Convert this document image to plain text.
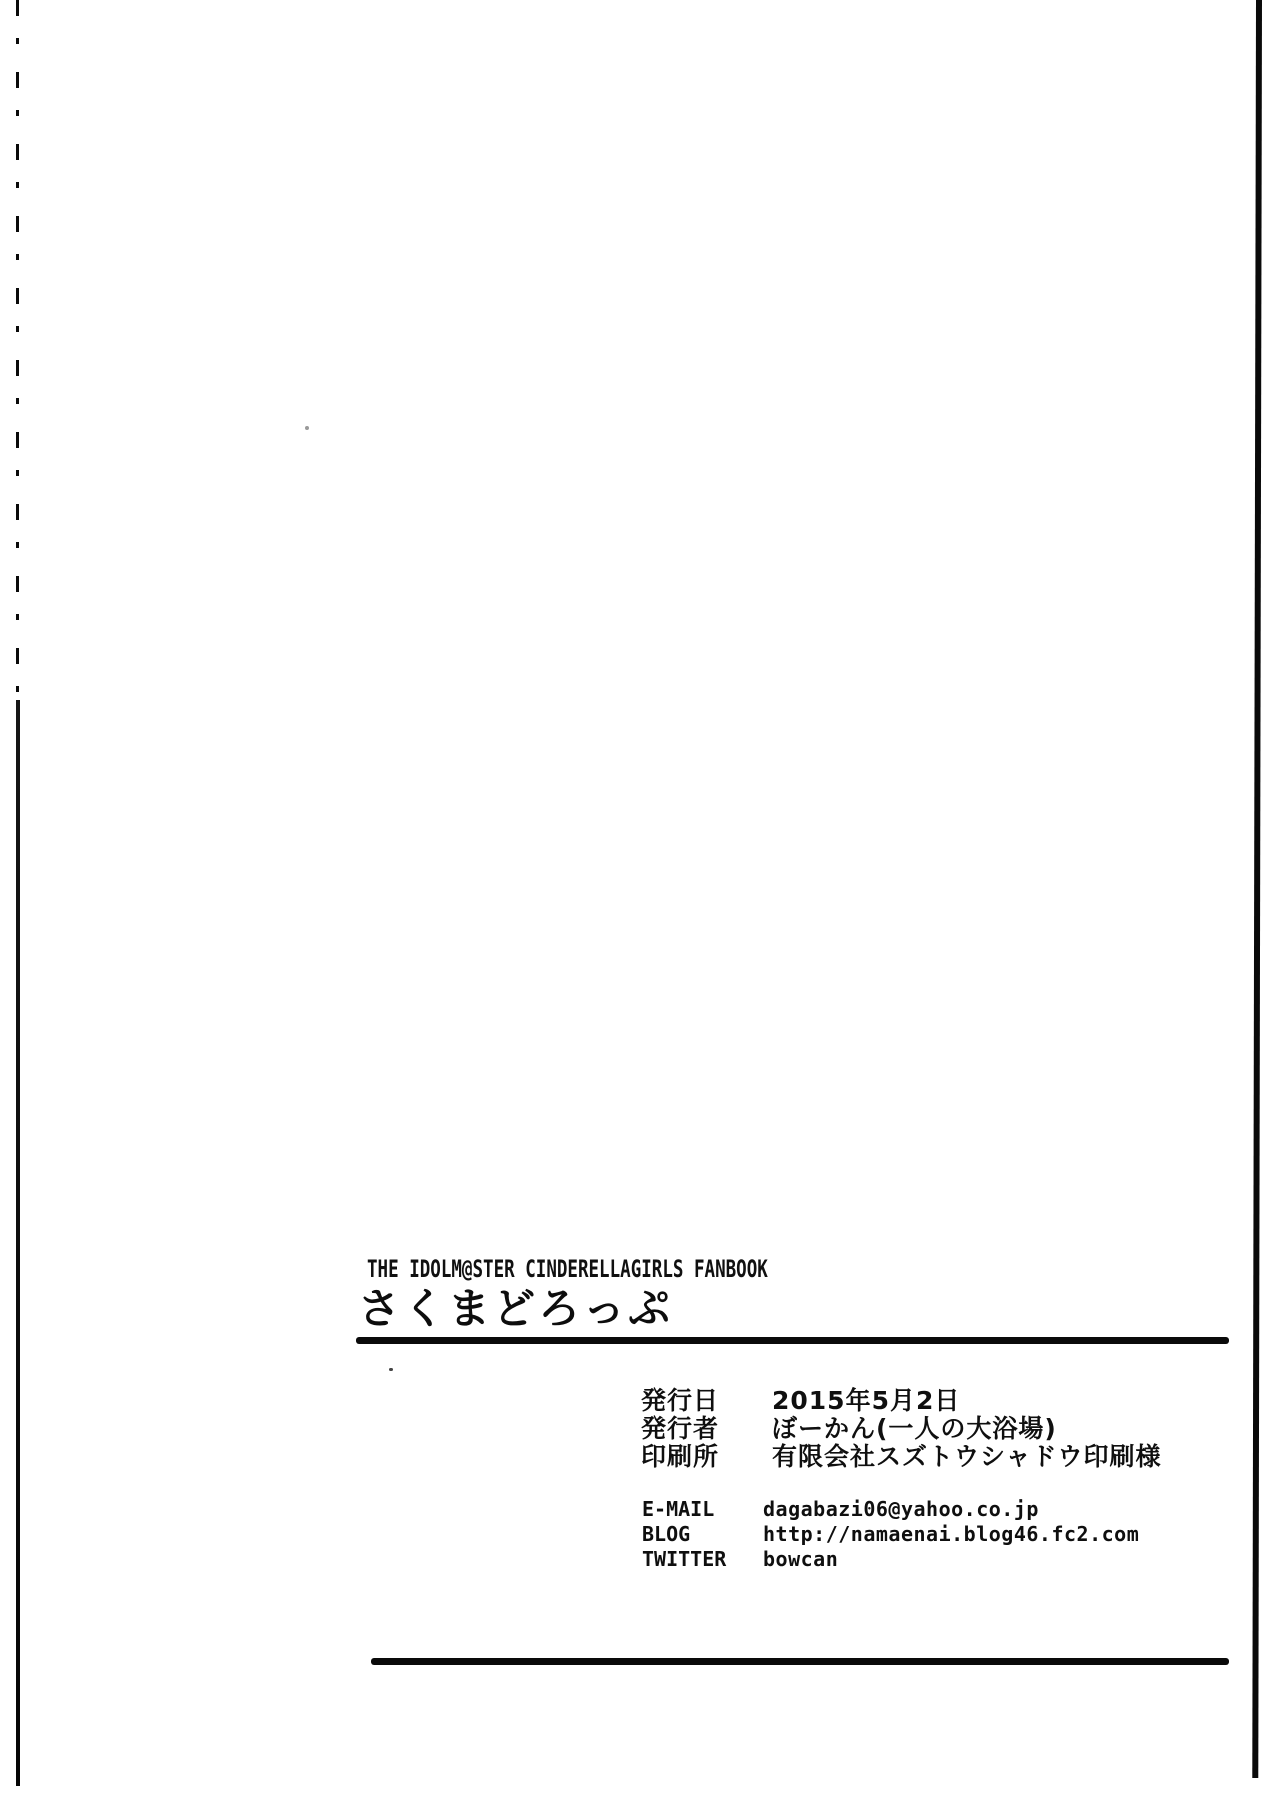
THE IDOLM@STER CINDERELLAGIRLS FANBOOK
さくまどろっぷ
発行日	2015年5月2日
発行者	ぼーかん(一人の大浴場)
印刷所	有限会社スズトウシャドウ印刷様
E-MAIL	dagabazi06@yahoo.co.jp
BLOG	http://namaenai.blog46.fc2.com
TWITTER	bowcan
